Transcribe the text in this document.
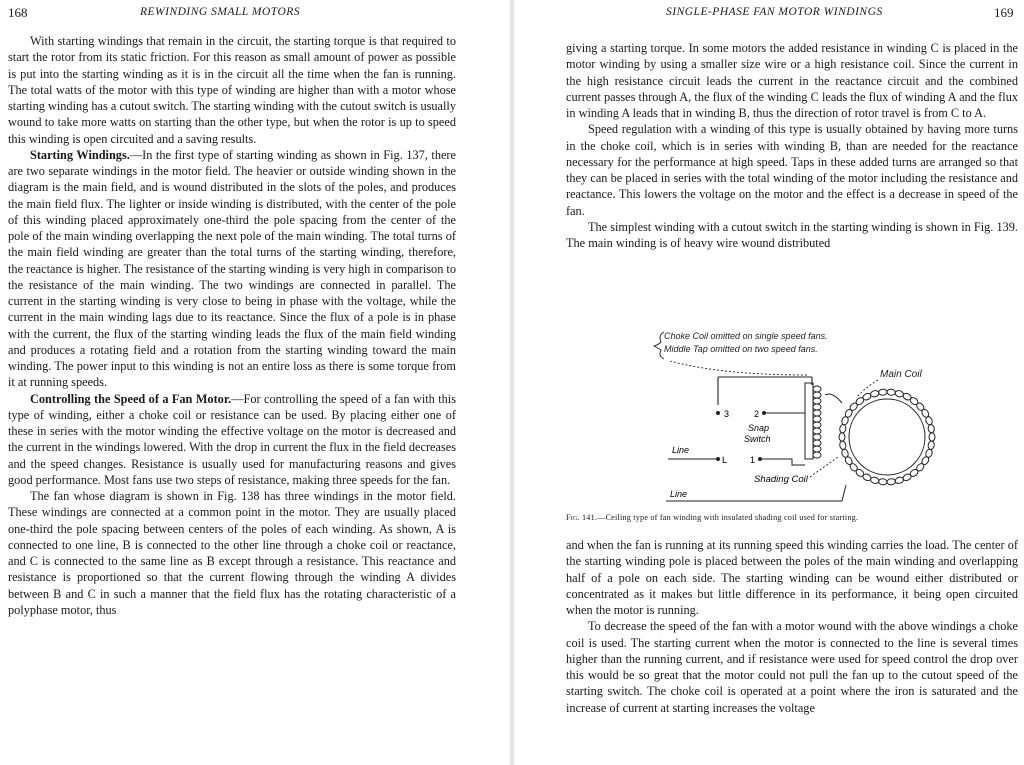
168	REWINDING SMALL MOTORS

With starting windings that remain in the circuit, the starting torque is that required to start the rotor from its static friction. For this reason as small amount of power as possible is put into the starting winding as it is in the circuit all the time when the fan is running. The total watts of the motor with this type of winding are higher than with a motor whose starting winding has a cutout switch. The starting winding with the cutout switch is usually wound to take more watts on starting than the other type, but when the rotor is up to speed this winding is open circuited and a saving results.

Starting Windings.—In the first type of starting winding as shown in Fig. 137, there are two separate windings in the motor field. The heavier or outside winding shown in the diagram is the main field, and is wound distributed in the slots of the poles, and produces the main field flux. The lighter or inside winding is distributed, with the center of the pole of this winding placed approximately one-third the pole spacing from the center of the pole of the main winding overlapping the next pole of the main winding. The total turns of the main field winding are greater than the total turns of the starting winding, therefore, the reactance is higher. The resistance of the starting winding is very high in comparison to the resistance of the main winding. The two windings are connected in parallel. The current in the starting winding is very close to being in phase with the voltage, while the current in the main winding lags due to its reactance. Since the flux of a pole is in phase with the current, the flux of the starting winding leads the flux of the main field winding and produces a rotating field and a rotation from the starting winding toward the main winding. The power input to this winding is not an entire loss as there is some torque from it at running speeds.

Controlling the Speed of a Fan Motor.—For controlling the speed of a fan with this type of winding, either a choke coil or resistance can be used. By placing either one of these in series with the motor winding the effective voltage on the motor is decreased and the current in the windings lowered. With the drop in current the flux in the field decreases and the speed changes. Resistance is usually used for manufacturing reasons and gives good performance. Most fans use two steps of resistance, making three speeds for the fan.

The fan whose diagram is shown in Fig. 138 has three windings in the motor field. These windings are connected at a common point in the motor. They are usually placed one-third the pole spacing between centers of the poles of each winding. As shown, A is connected to one line, B is connected to the other line through a choke coil or reactance, and C is connected to the same line as B except through a resistance. This reactance and resistance is proportioned so that the current flowing through the winding A divides between B and C in such a manner that the field flux has the rotating characteristic of a polyphase motor, thus

SINGLE-PHASE FAN MOTOR WINDINGS	169

giving a starting torque. In some motors the added resistance in winding C is placed in the motor winding by using a smaller size wire or a high resistance coil. Since the current in the high resistance circuit leads the current in the reactance circuit and the combined current passes through A, the flux of the winding C leads the flux of winding A and the flux in winding A leads that in winding B, thus the direction of rotor travel is from C to A.

Speed regulation with a winding of this type is usually obtained by having more turns in the choke coil, which is in series with winding B, than are needed for the reactance necessary for the performance at high speed. Taps in these added turns are arranged so that they can be placed in series with the total winding of the motor including the resistance and reactance. This lowers the voltage on the motor and the effect is a decrease in speed of the fan.

The simplest winding with a cutout switch in the starting winding is shown in Fig. 139. The main winding is of heavy wire wound distributed

Choke Coil omitted on single speed fans.
Middle Tap omitted on two speed fans.
Main Coil
3	2
Snap
Switch
Line
L	1
Shading Coil
Line
Fig. 141.—Ceiling type of fan winding with insulated shading coil used for starting.

and when the fan is running at its running speed this winding carries the load. The center of the starting winding pole is placed between the poles of the main winding and overlapping half of a pole on each side. The starting winding can be wound either distributed or concentrated as it makes but little difference in its performance, it being open circuited when the motor is running.

To decrease the speed of the fan with a motor wound with the above windings a choke coil is used. The starting current when the motor is connected to the line is several times higher than the running current, and if resistance were used for speed control the drop over this would be so great that the motor could not pull the fan up to the cutout speed of the starting switch. The choke coil is operated at a point where the iron is saturated and the increase of current at starting increases the voltage
